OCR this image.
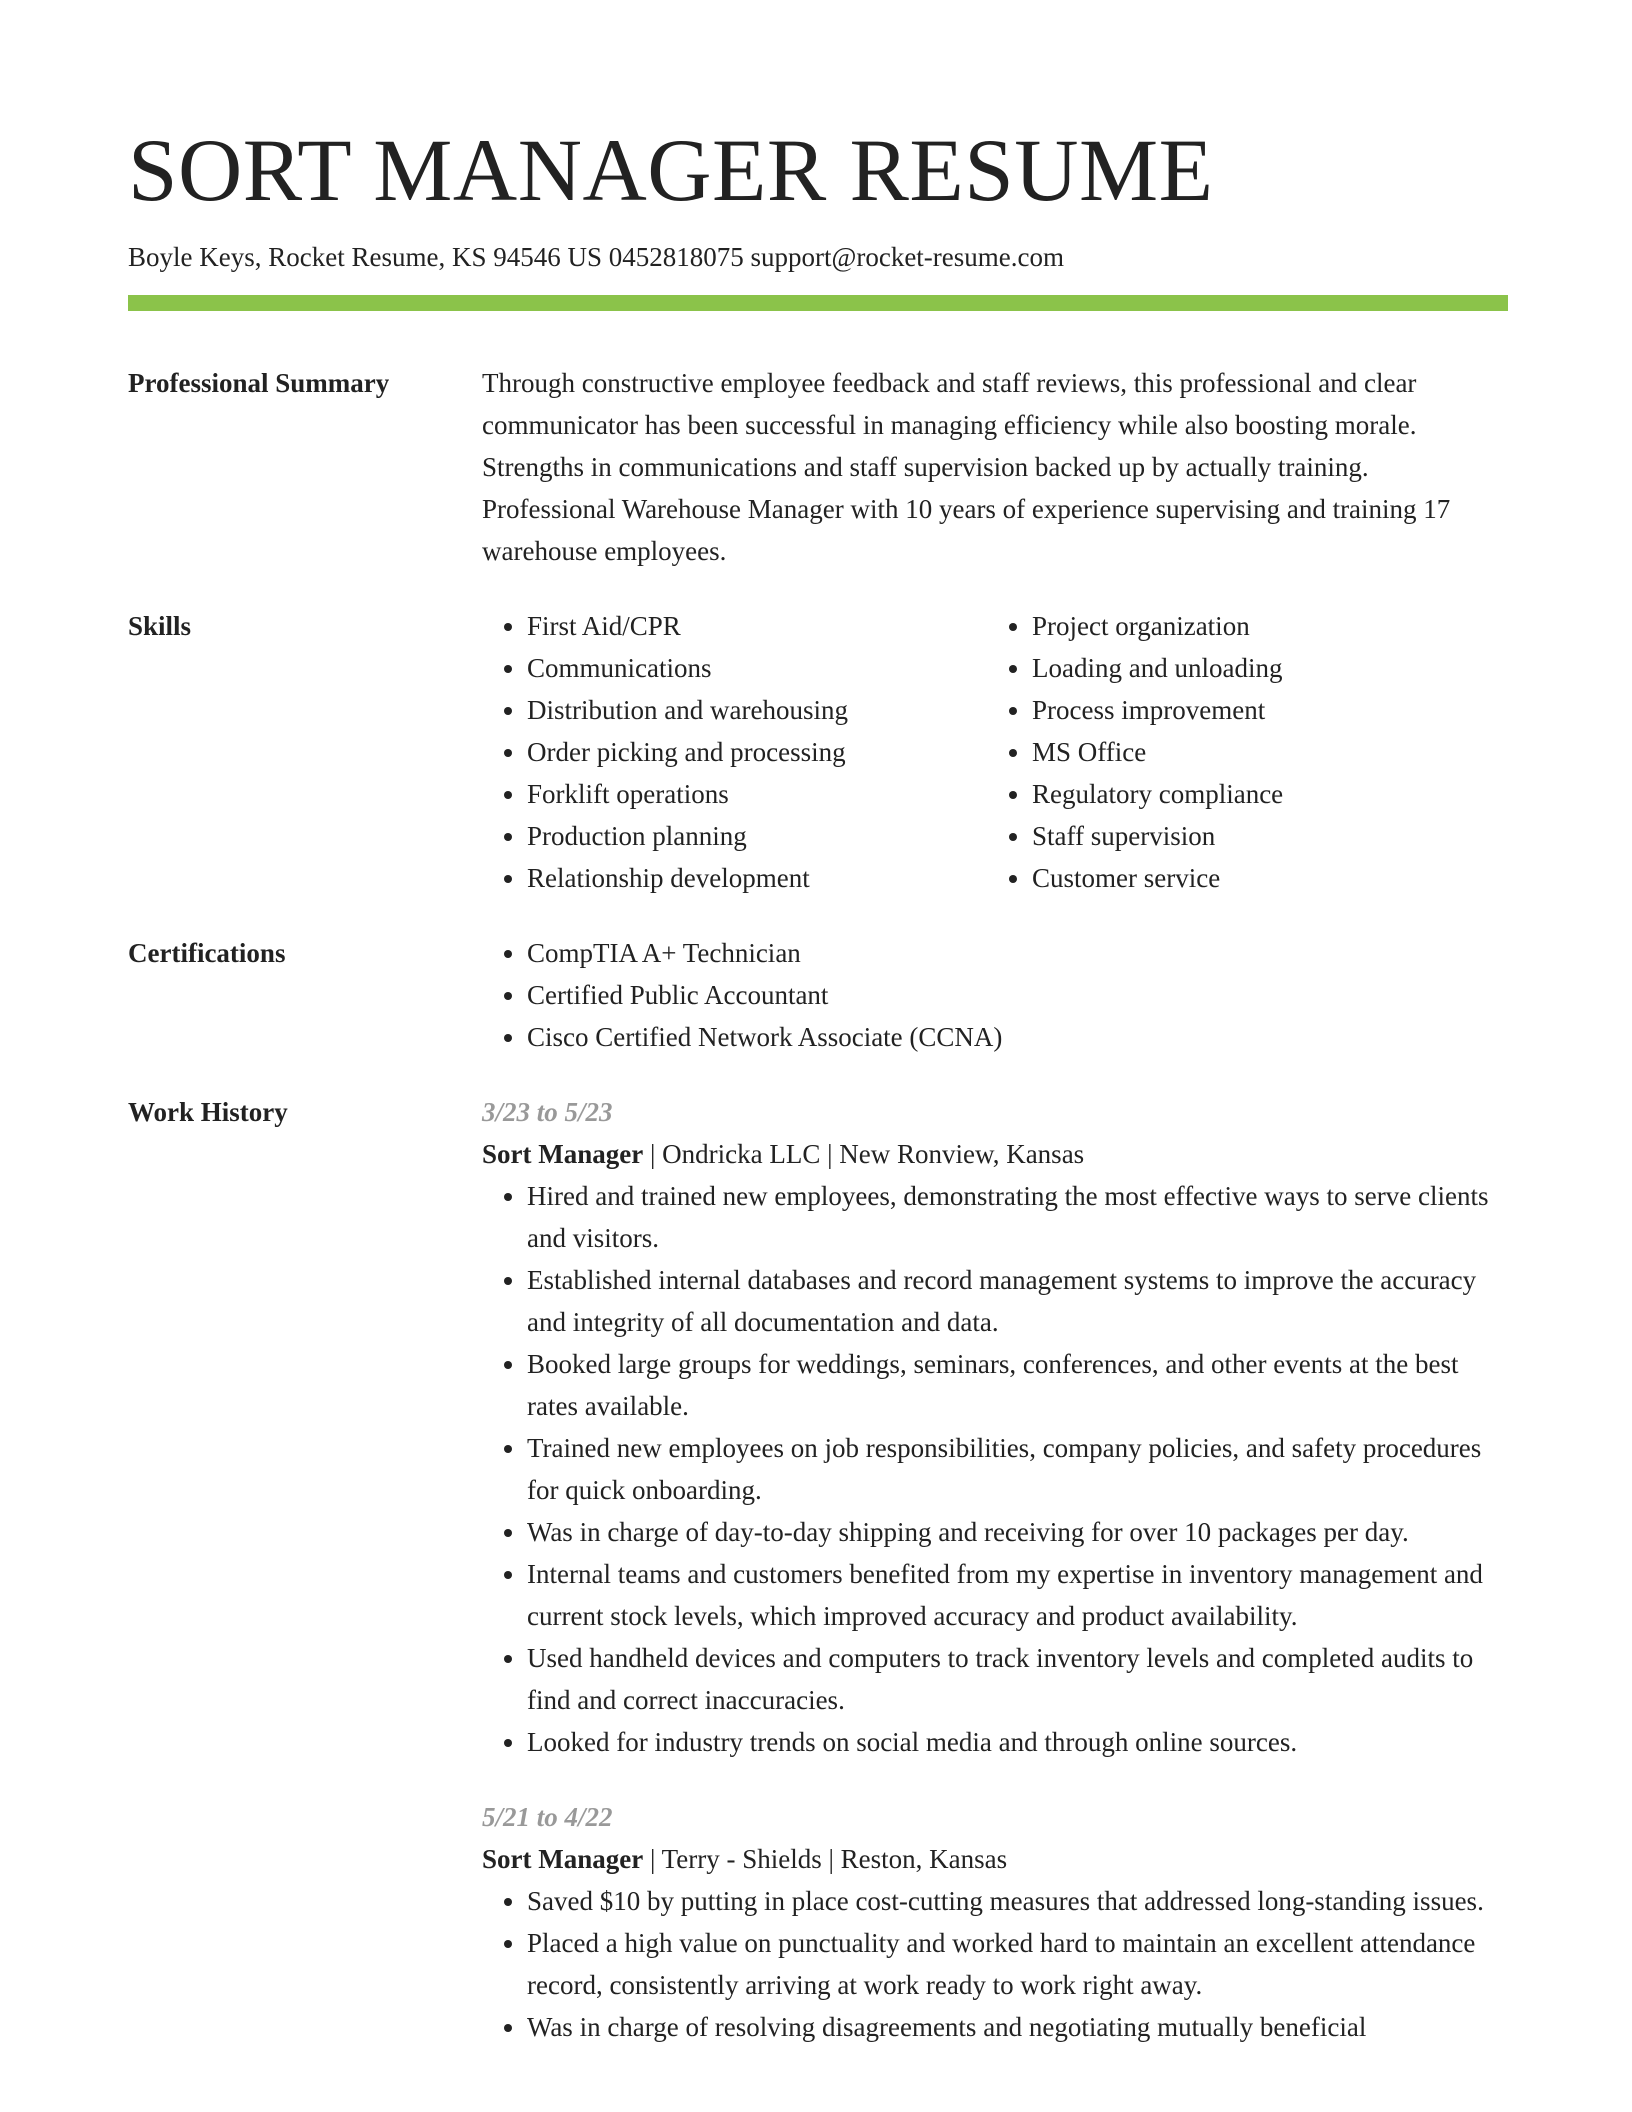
SORT MANAGER RESUME
Boyle Keys, Rocket Resume, KS 94546 US 0452818075 support@rocket-resume.com
Professional Summary	Through constructive employee feedback and staff reviews, this professional and clear communicator has been successful in managing efficiency while also boosting morale. Strengths in communications and staff supervision backed up by actually training. Professional Warehouse Manager with 10 years of experience supervising and training 17 warehouse employees.
Skills	• First Aid/CPR
• Communications
• Distribution and warehousing
• Order picking and processing
• Forklift operations
• Production planning
• Relationship development
• Project organization
• Loading and unloading
• Process improvement
• MS Office
• Regulatory compliance
• Staff supervision
• Customer service
Certifications	• CompTIA A+ Technician
• Certified Public Accountant
• Cisco Certified Network Associate (CCNA)
Work History	3/23 to 5/23
Sort Manager | Ondricka LLC | New Ronview, Kansas
• Hired and trained new employees, demonstrating the most effective ways to serve clients and visitors.
• Established internal databases and record management systems to improve the accuracy and integrity of all documentation and data.
• Booked large groups for weddings, seminars, conferences, and other events at the best rates available.
• Trained new employees on job responsibilities, company policies, and safety procedures for quick onboarding.
• Was in charge of day-to-day shipping and receiving for over 10 packages per day.
• Internal teams and customers benefited from my expertise in inventory management and current stock levels, which improved accuracy and product availability.
• Used handheld devices and computers to track inventory levels and completed audits to find and correct inaccuracies.
• Looked for industry trends on social media and through online sources.
5/21 to 4/22
Sort Manager | Terry - Shields | Reston, Kansas
• Saved $10 by putting in place cost-cutting measures that addressed long-standing issues.
• Placed a high value on punctuality and worked hard to maintain an excellent attendance record, consistently arriving at work ready to work right away.
• Was in charge of resolving disagreements and negotiating mutually beneficial
